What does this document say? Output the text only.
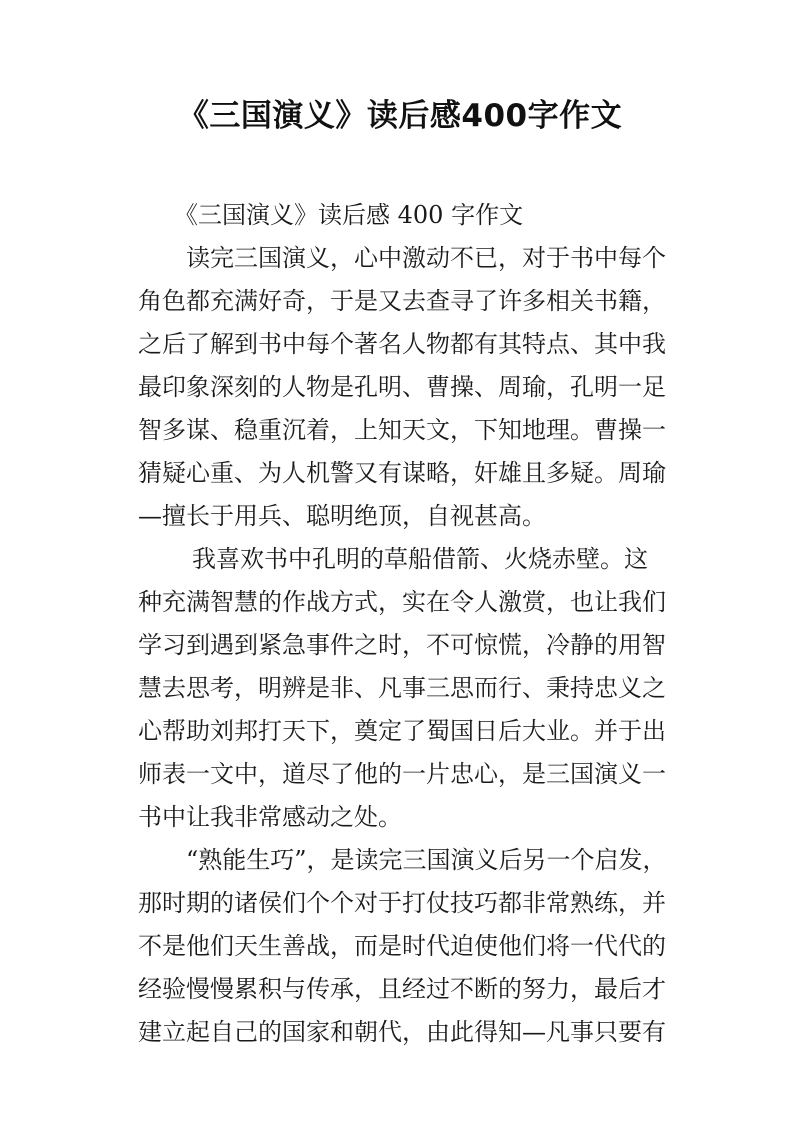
《三国演义》读后感400字作文
《三国演义》读后感 400 字作文
读完三国演义，心中激动不已，对于书中每个
角色都充满好奇，于是又去查寻了许多相关书籍，
之后了解到书中每个著名人物都有其特点、其中我
最印象深刻的人物是孔明、曹操、周瑜，孔明一足
智多谋、稳重沉着，上知天文，下知地理。曹操一
猜疑心重、为人机警又有谋略，奸雄且多疑。周瑜
—擅长于用兵、聪明绝顶，自视甚高。
我喜欢书中孔明的草船借箭、火烧赤壁。这
种充满智慧的作战方式，实在令人激赏，也让我们
学习到遇到紧急事件之时，不可惊慌，冷静的用智
慧去思考，明辨是非、凡事三思而行、秉持忠义之
心帮助刘邦打天下，奠定了蜀国日后大业。并于出
师表一文中，道尽了他的一片忠心，是三国演义一
书中让我非常感动之处。
“熟能生巧”，是读完三国演义后另一个启发，
那时期的诸侯们个个对于打仗技巧都非常熟练，并
不是他们天生善战，而是时代迫使他们将一代代的
经验慢慢累积与传承，且经过不断的努力，最后才
建立起自己的国家和朝代，由此得知—凡事只要有
